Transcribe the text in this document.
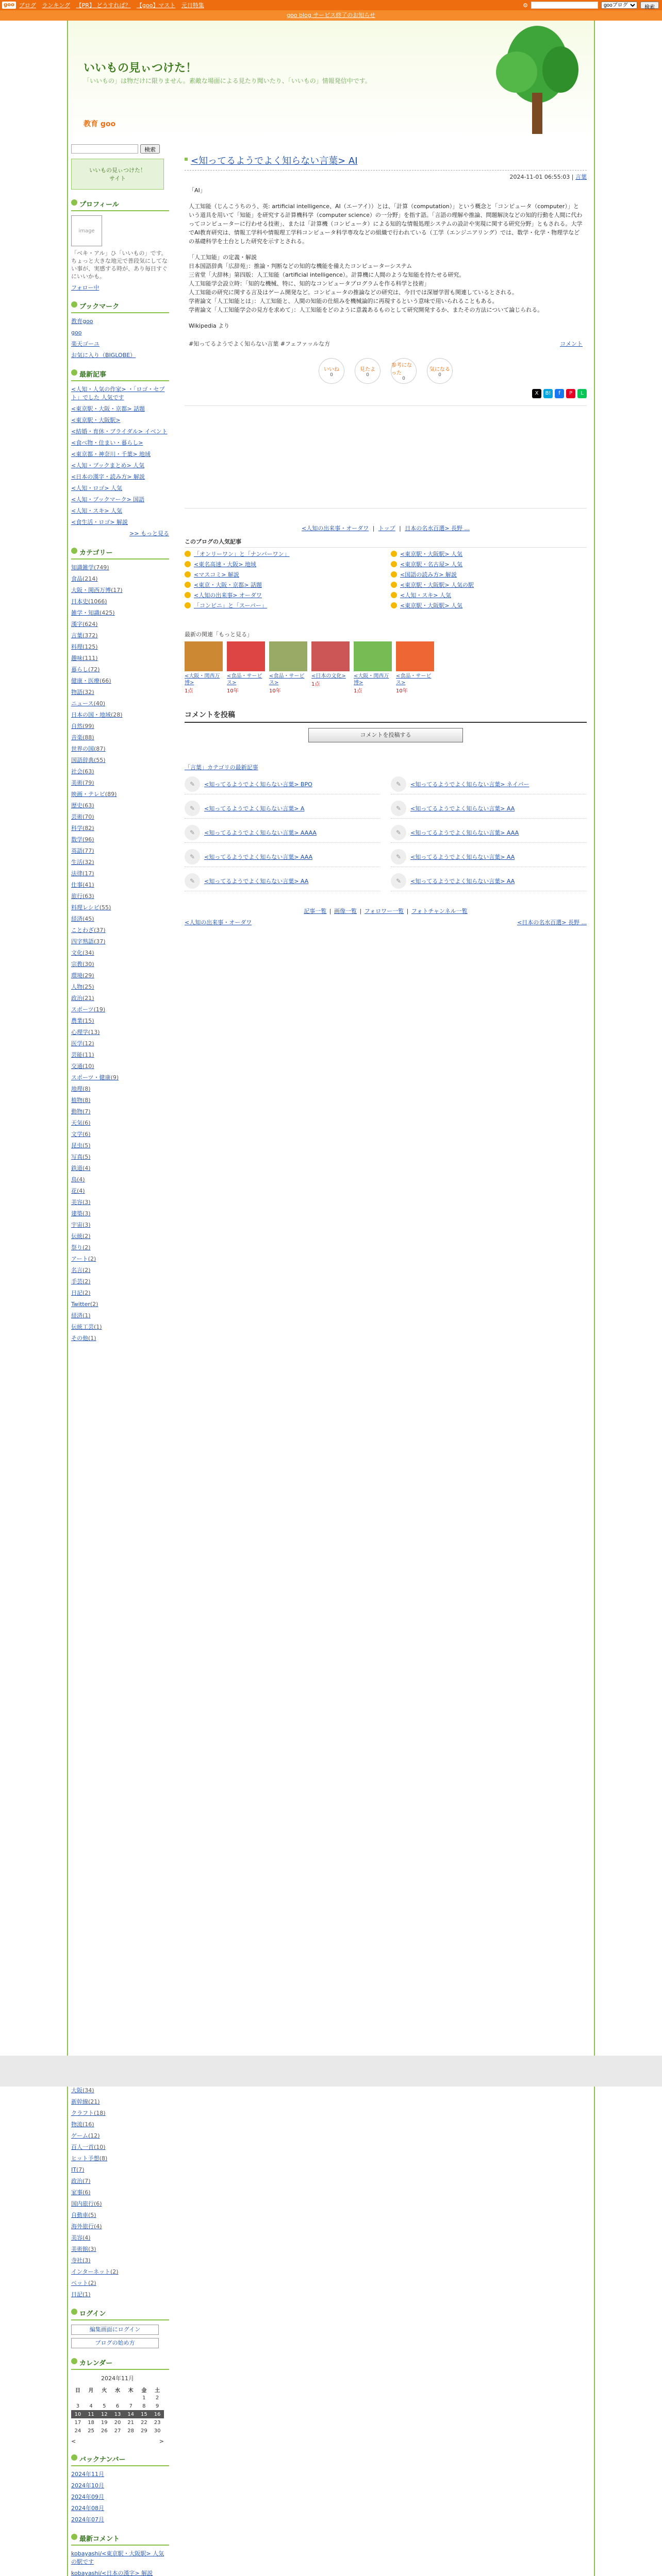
goo ブログ ランキング 【PR】 どうすれば？ 【goo】マスト 元日特集	⚙
gooブログ	検索
goo blog サービス終了のお知らせ
いいもの見ぃつけた！
「いいもの」は物だけに限りません。素敵な場面による見たり聞いたり、「いいもの」情報発信中です。
教育 goo
検索
いいもの見ぃつけた！
サイト
プロフィール
image
「ベキ・アル」ひ「いいもの」です。ちょっと大きな地元で普段気にしてない事が、実感する時が、あり毎日すぐにいいかも。
フォロー中
ブックマーク
教育goo
goo
楽天ゴーユ
お気に入り（BIGLOBE）
最新記事
<人知・人気の作家> ・「ロゴ・セプト」でした 人気です
<東京駅・大阪・京都> 話題
<東京駅・大阪駅>
<結婚・育休・ブライダル> イベント
<食べ物・住まい・暮らし>
<東京都・神奈川・千葉> 地域
<人知・ブックまとめ> 人気
<日本の漢字・読み方> 解説
<人知・ロゴ> 人気
<人知・ブックマーク> 国語
<人知・スキ> 人気
<食生活・ロゴ> 解説
>> もっと見る
カテゴリー
知識雑学(749)
食品(214)
大阪・関西万博(17)
日本史(1066)
雑学・知識(425)
漢字(624)
言葉(372)
料理(125)
趣味(111)
暮らし(72)
健康・医療(66)
物語(32)
ニュース(40)
日本の国・地域(28)
自然(99)
音楽(88)
世界の国(87)
国語辞典(55)
社会(63)
美術(79)
映画・テレビ(89)
歴史(63)
芸術(70)
科学(82)
数学(96)
英語(77)
生活(32)
法律(17)
仕事(41)
旅行(63)
料理レシピ(55)
経済(45)
ことわざ(37)
四字熟語(37)
文化(34)
宗教(30)
環境(29)
人物(25)
政治(21)
スポーツ(19)
農業(15)
心理学(13)
医学(12)
芸能(11)
交通(10)
スポーツ・健康(9)
地理(8)
植物(8)
動物(7)
天気(6)
文学(6)
昆虫(5)
写真(5)
鉄道(4)
鳥(4)
花(4)
美容(3)
建築(3)
宇宙(3)
伝統(2)
祭り(2)
アート(2)
名言(2)
手芸(2)
日記(2)
Twitter(2)
経済(1)
伝統工芸(1)
その他(1)
<知ってるようでよく知らない言葉> AI
2024-11-01 06:55:03 | 言葉

「AI」

人工知能（じんこうちのう、英: artificial intelligence、AI（エーアイ））とは、「計算（computation）」という概念と「コンピュータ（computer）」という道具を用いて「知能」を研究する計算機科学（computer science）の一分野」を指す語。「言語の理解や推論、問題解決などの知的行動を人間に代わってコンピューターに行わせる技術」、または「計算機（コンピュータ）による知的な情報処理システムの設計や実現に関する研究分野」ともされる。大学でAI教育研究は、情報工学科や情報理工学科コンピュータ科学専攻などの組織で行われている（工学（エンジニアリング）では、数学・化学・物理学などの基礎科学を土台とした研究を示すとされる。

「人工知能」の定義・解説
日本国語辞典「広辞苑」：推論・判断などの知的な機能を備えたコンピューターシステム
三省堂「大辞林」第四版：人工知能（artificial intelligence）。計算機に人間のような知能を持たせる研究。
人工知能学会設立時：「知的な機械、特に、知的なコンピュータプログラムを作る科学と技術」
人工知能の研究に関する言及はゲーム開発など。コンピュータの推論などの研究は、今日では深層学習も関連しているとされる。
学術論文「人工知能とは」：人工知能と、人間の知能の仕組みを機械論的に再現するという意味で用いられることもある。
学術論文「人工知能学会の見方を求めて」：人工知能をどのように意義あるものとして研究開発するか、またその方法について論じられる。

Wikipedia より

#知ってるようでよく知らない言葉 #フェファッルな方	コメント
いいね
0
見たよ
0
参考になった
0
気になる
0
X	B!	f	P	L
<人知の出来事・オーダワ | トップ | 日本の名水百選> 長野 ...
このブログの人気記事
「オンリーワン」と「ナンバーワン」	<東京駅・大阪駅> 人気
<東名高速・大阪> 地域	<東京駅・名古屋> 人気
<マスコミ> 解説	<国語の読み方> 解説
<東京・大阪・京都> 話題	<東京駅・大阪駅> 人気の駅
<人知の出来事> オーダワ	<人知・スキ> 人気
「コンビニ」と「スーパー」	<東京駅・大阪駅> 人気
最新の関連「もっと見る」
<大阪・関西万博>
1点
<食品・サービス>
10年
<食品・サービス>
10年
<日本の文化>
1点
<大阪・関西万博>
1点
<食品・サービス>
10年
コメントを投稿
コメントを投稿する
「言葉」カテゴリの最新記事
✎	<知ってるようでよく知らない言葉> BPO	✎	<知ってるようでよく知らない言葉> ネイバー
✎	<知ってるようでよく知らない言葉> A	✎	<知ってるようでよく知らない言葉> AA
✎	<知ってるようでよく知らない言葉> AAAA	✎	<知ってるようでよく知らない言葉> AAA
✎	<知ってるようでよく知らない言葉> AAA	✎	<知ってるようでよく知らない言葉> AA
✎	<知ってるようでよく知らない言葉> AA	✎	<知ってるようでよく知らない言葉> AA
記事一覧 | 画像一覧 | フォロワー一覧 | フォトチャンネル一覧
<人知の出来事・オーダワ	<日本の名水百選> 長野 ...
大阪(34)
新幹線(21)
クラフト(18)
物流(16)
ゲーム(12)
百人一首(10)
ヒット予想(8)
IT(7)
政治(7)
家事(6)
国内旅行(6)
自動車(5)
海外旅行(4)
美容(4)
美術館(3)
寺社(3)
インターネット(2)
ペット(2)
日記(1)
ログイン
編集画面にログイン
ブログの始め方
カレンダー
2024年11月
日	月	火	水	木	金	土
					1	2
3	4	5	6	7	8	9
10	11	12	13	14	15	16
17	18	19	20	21	22	23
24	25	26	27	28	29	30
<	>
バックナンバー
2024年11月
2024年10月
2024年09月
2024年08月
2024年07月
最新コメント
kobayashi/<東京駅・大阪駅> 人気の駅です
kobayashi/<日本の漢字> 解説
